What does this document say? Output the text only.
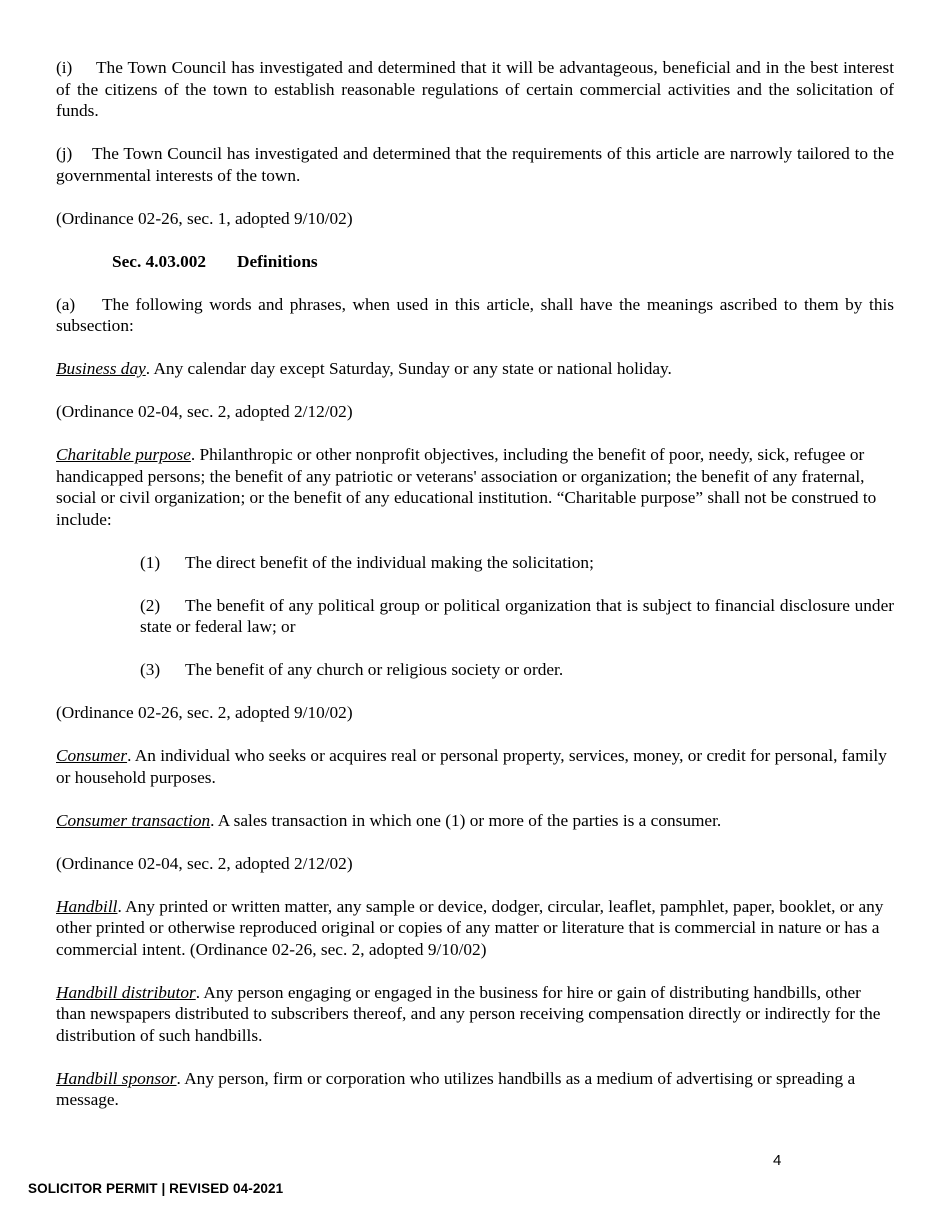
(i) The Town Council has investigated and determined that it will be advantageous, beneficial and in the best interest of the citizens of the town to establish reasonable regulations of certain commercial activities and the solicitation of funds.

(j) The Town Council has investigated and determined that the requirements of this article are narrowly tailored to the governmental interests of the town.

(Ordinance 02-26, sec. 1, adopted 9/10/02)

Sec. 4.03.002 Definitions

(a) The following words and phrases, when used in this article, shall have the meanings ascribed to them by this subsection:

Business day. Any calendar day except Saturday, Sunday or any state or national holiday.

(Ordinance 02-04, sec. 2, adopted 2/12/02)

Charitable purpose. Philanthropic or other nonprofit objectives, including the benefit of poor, needy, sick, refugee or handicapped persons; the benefit of any patriotic or veterans' association or organization; the benefit of any fraternal, social or civil organization; or the benefit of any educational institution. “Charitable purpose” shall not be construed to include:

(1) The direct benefit of the individual making the solicitation;

(2) The benefit of any political group or political organization that is subject to financial disclosure under state or federal law; or

(3) The benefit of any church or religious society or order.

(Ordinance 02-26, sec. 2, adopted 9/10/02)

Consumer. An individual who seeks or acquires real or personal property, services, money, or credit for personal, family or household purposes.

Consumer transaction. A sales transaction in which one (1) or more of the parties is a consumer.

(Ordinance 02-04, sec. 2, adopted 2/12/02)

Handbill. Any printed or written matter, any sample or device, dodger, circular, leaflet, pamphlet, paper, booklet, or any other printed or otherwise reproduced original or copies of any matter or literature that is commercial in nature or has a commercial intent. (Ordinance 02-26, sec. 2, adopted 9/10/02)

Handbill distributor. Any person engaging or engaged in the business for hire or gain of distributing handbills, other than newspapers distributed to subscribers thereof, and any person receiving compensation directly or indirectly for the distribution of such handbills.

Handbill sponsor. Any person, firm or corporation who utilizes handbills as a medium of advertising or spreading a message.

4
SOLICITOR PERMIT | REVISED 04-2021
